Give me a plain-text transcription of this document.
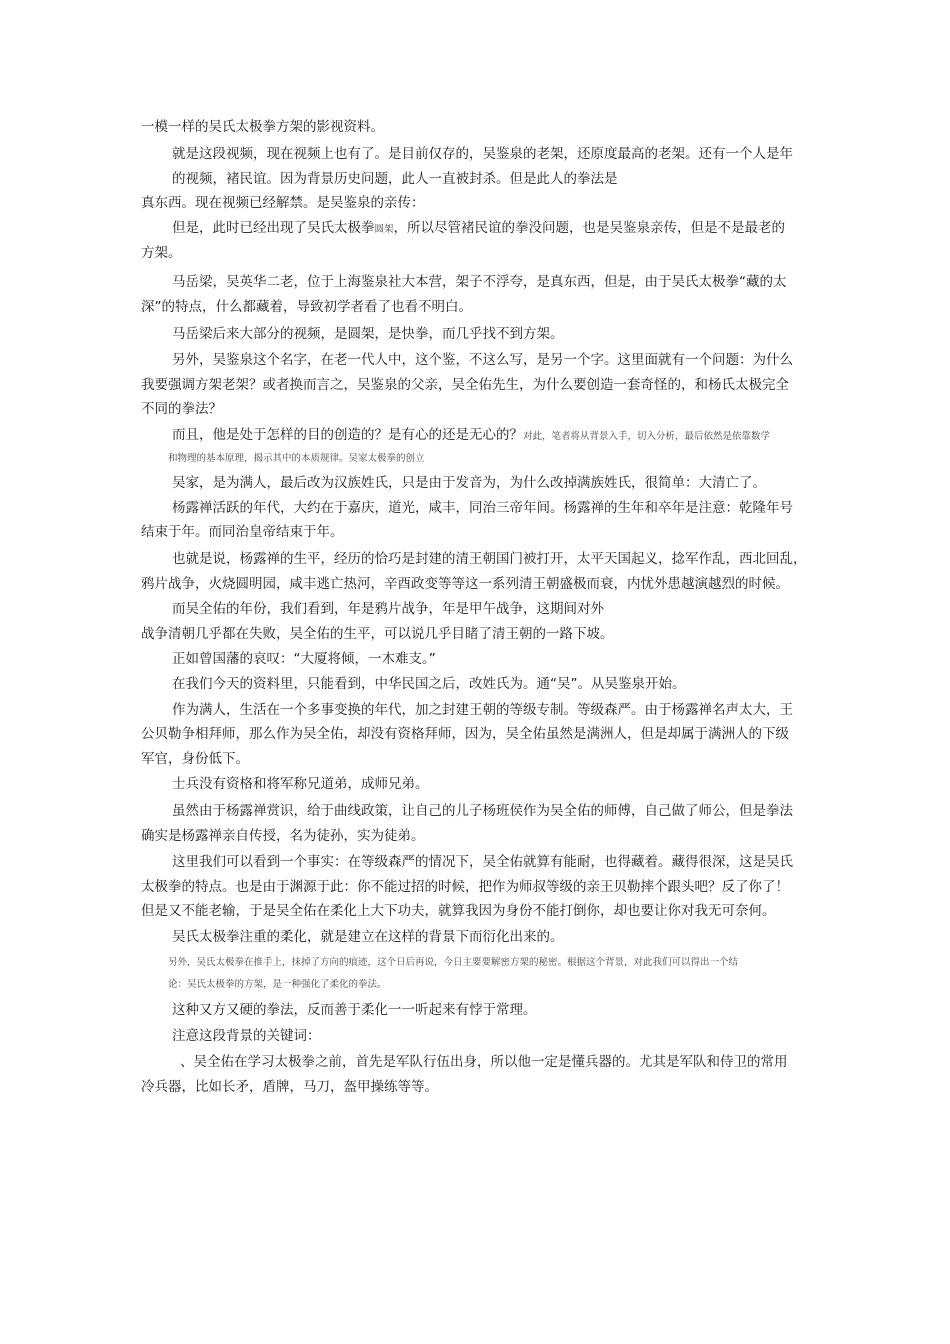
一模一样的吴氏太极拳方架的影视资料。
就是这段视频，现在视频上也有了。是目前仅存的，吴鉴泉的老架，还原度最高的老架。还有一个人是年
的视频，褚民谊。因为背景历史问题，此人一直被封杀。但是此人的拳法是
真东西。现在视频已经解禁。是吴鉴泉的亲传：
但是，此时已经出现了吴氏太极拳圆架，所以尽管褚民谊的拳没问题，也是吴鉴泉亲传，但是不是最老的
方架。
马岳梁，吴英华二老，位于上海鉴泉社大本营，架子不浮夸，是真东西，但是，由于吴氏太极拳“藏的太
深”的特点，什么都藏着，导致初学者看了也看不明白。
马岳梁后来大部分的视频，是圆架，是快拳，而几乎找不到方架。
另外，吴鉴泉这个名字，在老一代人中，这个鉴，不这么写，是另一个字。这里面就有一个问题：为什么
我要强调方架老架？或者换而言之，吴鉴泉的父亲，吴全佑先生，为什么要创造一套奇怪的，和杨氏太极完全
不同的拳法？
而且，他是处于怎样的目的创造的？是有心的还是无心的？对此，笔者将从背景入手，切入分析，最后依然是依靠数学
和物理的基本原理，揭示其中的本质规律。吴家太极拳的创立
吴家，是为满人，最后改为汉族姓氏，只是由于发音为，为什么改掉满族姓氏，很简单：大清亡了。
杨露禅活跃的年代，大约在于嘉庆，道光，咸丰，同治三帝年间。杨露禅的生年和卒年是注意：乾隆年号
结束于年。而同治皇帝结束于年。
也就是说，杨露禅的生平，经历的恰巧是封建的清王朝国门被打开，太平天国起义，捻军作乱，西北回乱，
鸦片战争，火烧圆明园，咸丰逃亡热河，辛酉政变等等这一系列清王朝盛极而衰，内忧外患越演越烈的时候。
而吴全佑的年份，我们看到，年是鸦片战争，年是甲午战争，这期间对外
战争清朝几乎都在失败，吴全佑的生平，可以说几乎目睹了清王朝的一路下坡。
正如曾国藩的哀叹：“大厦将倾，一木难支。”
在我们今天的资料里，只能看到，中华民国之后，改姓氏为。通“吴”。从吴鉴泉开始。
作为满人，生活在一个多事变换的年代，加之封建王朝的等级专制。等级森严。由于杨露禅名声太大，王
公贝勒争相拜师，那么作为吴全佑，却没有资格拜师，因为，吴全佑虽然是满洲人，但是却属于满洲人的下级
军官，身份低下。
士兵没有资格和将军称兄道弟，成师兄弟。
虽然由于杨露禅赏识，给于曲线政策，让自己的儿子杨班侯作为吴全佑的师傅，自己做了师公，但是拳法
确实是杨露禅亲自传授，名为徒孙，实为徒弟。
这里我们可以看到一个事实：在等级森严的情况下，吴全佑就算有能耐，也得藏着。藏得很深，这是吴氏
太极拳的特点。也是由于渊源于此：你不能过招的时候，把作为师叔等级的亲王贝勒摔个跟头吧？反了你了！
但是又不能老输，于是吴全佑在柔化上大下功夫，就算我因为身份不能打倒你，却也要让你对我无可奈何。
吴氏太极拳注重的柔化，就是建立在这样的背景下而衍化出来的。
另外，吴氏太极拳在推手上，抹掉了方向的痕迹，这个日后再说，今日主要要解密方架的秘密。根据这个背景，对此我们可以得出一个结
论：吴氏太极拳的方架，是一种强化了柔化的拳法。
这种又方又硬的拳法，反而善于柔化一一听起来有悖于常理。
注意这段背景的关键词：
、吴全佑在学习太极拳之前，首先是军队行伍出身，所以他一定是懂兵器的。尤其是军队和侍卫的常用
冷兵器，比如长矛，盾牌，马刀，盔甲操练等等。
